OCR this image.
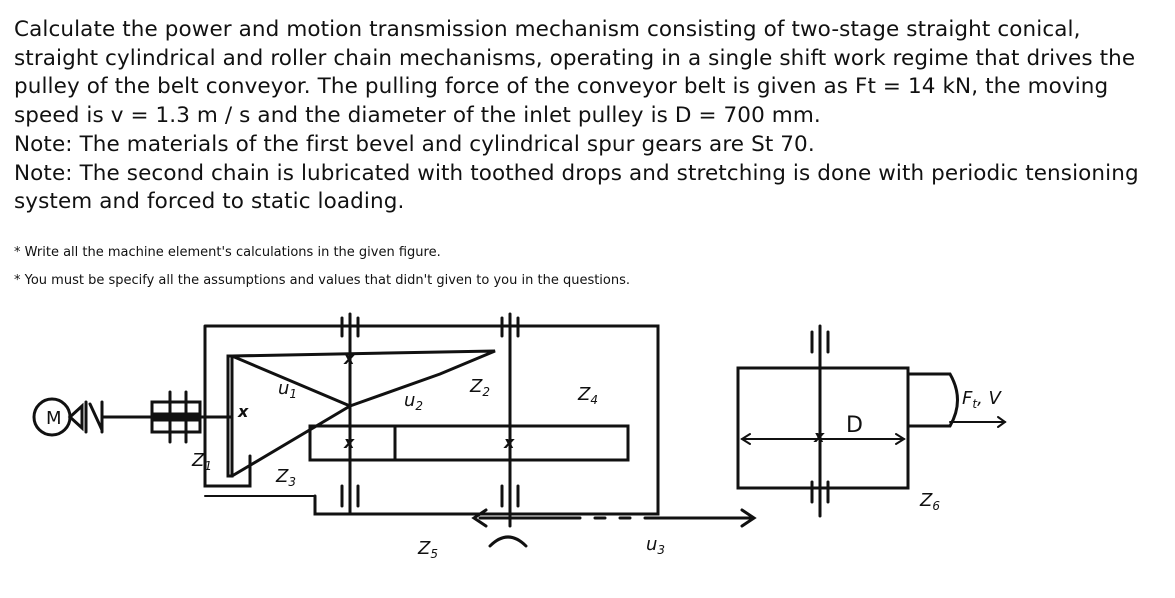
Calculate the power and motion transmission mechanism consisting of two-stage straight conical, straight cylindrical and roller chain mechanisms, operating in a single shift work regime that drives the pulley of the belt conveyor. The pulling force of the conveyor belt is given as Ft = 14 kN, the moving speed is v = 1.3 m / s and the diameter of the inlet pulley is D = 700 mm.

Note: The materials of the first bevel and cylindrical spur gears are St 70.

Note: The second chain is lubricated with toothed drops and stretching is done with periodic tensioning system and forced to static loading.

* Write all the machine element's calculations in the given figure.
* You must be specify all the assumptions and values that didn't given to you in the questions.
x
x
x	x	x
M
$u_1$	$u_2$
$u_3$
$Z_1$
$Z_2$
$Z_3$
$Z_4$
$Z_5$
$Z_6$
D
$F_t$, V
